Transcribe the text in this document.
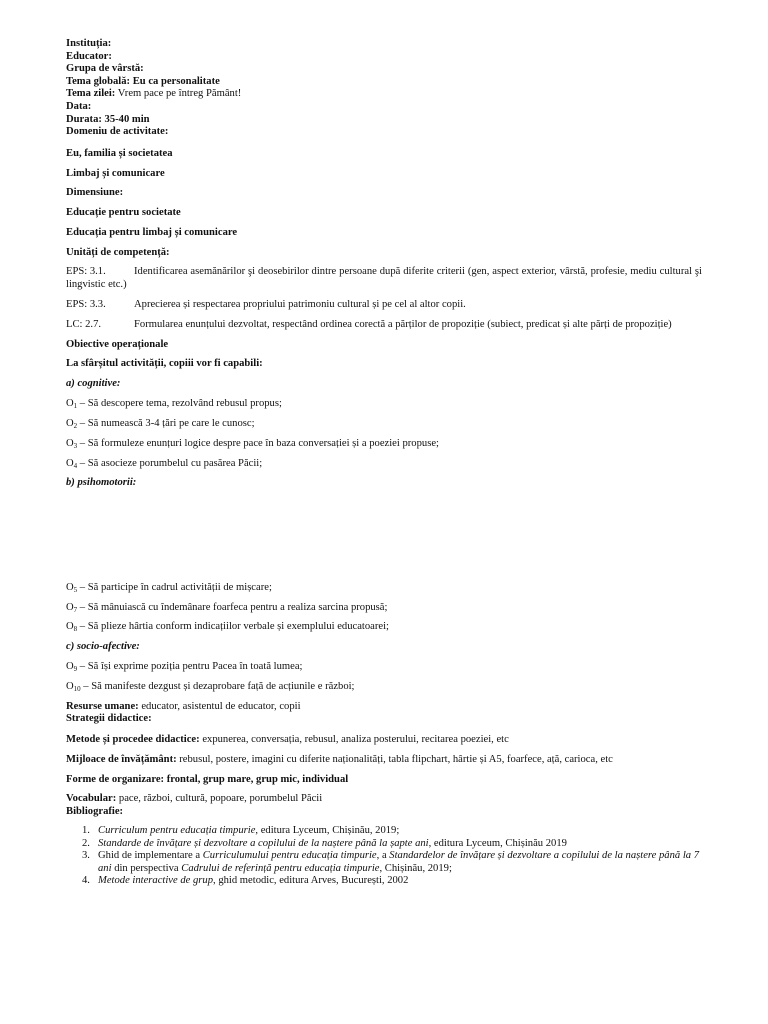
Instituția:
Educator:
Grupa de vârstă:
Tema globală: Eu ca personalitate
Tema zilei: Vrem pace pe întreg Pământ!
Data:
Durata: 35-40 min
Domeniu de activitate:
Eu, familia și societatea
Limbaj și comunicare
Dimensiune:
Educație pentru societate
Educația pentru limbaj și comunicare
Unități de competență:
EPS: 3.1.	Identificarea asemănărilor şi deosebirilor dintre persoane după diferite criterii (gen, aspect exterior, vârstă, profesie, mediu cultural şi lingvistic etc.)
EPS: 3.3.	Aprecierea și respectarea propriului patrimoniu cultural și pe cel al altor copii.
LC: 2.7.	Formularea enunțului dezvoltat, respectând ordinea corectă a părților de propoziție (subiect, predicat și alte părți de propoziție)
Obiective operaționale
La sfârșitul activității, copiii vor fi capabili:
a) cognitive:
$O_1$ – Să descopere tema, rezolvând rebusul propus;
$O_2$ – Să numească 3-4 țări pe care le cunosc;
$O_3$ – Să formuleze enunțuri logice despre pace în baza conversației și a poeziei propuse;
$O_4$ – Să asocieze porumbelul cu pasărea Păcii;
b) psihomotorii:
$O_5$ – Să participe în cadrul activității de mișcare;
$O_7$ – Să mânuiască cu îndemânare foarfeca pentru a realiza sarcina propusă;
$O_8$ – Să plieze hârtia conform indicațiilor verbale și exemplului educatoarei;
c) socio-afective:
$O_9$ – Să își exprime poziția pentru Pacea în toată lumea;
$O_{10}$ – Să manifeste dezgust și dezaprobare față de acțiunile e război;
Resurse umane: educator, asistentul de educator, copii
Strategii didactice:
Metode și procedee didactice: expunerea, conversația, rebusul, analiza posterului, recitarea poeziei, etc
Mijloace de învățământ: rebusul, postere, imagini cu diferite naționalități, tabla flipchart, hârtie și A5, foarfece, ață, carioca, etc
Forme de organizare: frontal, grup mare, grup mic, individual
Vocabular: pace, război, cultură, popoare, porumbelul Păcii
Bibliografie:
1. Curriculum pentru educația timpurie, editura Lyceum, Chișinău, 2019;
2. Standarde de învățare și dezvoltare a copilului de la naștere până la șapte ani, editura Lyceum, Chișinău 2019
3. Ghid de implementare a Curriculumului pentru educația timpurie, a Standardelor de învățare și dezvoltare a copilului de la naștere până la 7 ani din perspectiva Cadrului de referință pentru educația timpurie, Chișinău, 2019;
4. Metode interactive de grup, ghid metodic, editura Arves, București, 2002
